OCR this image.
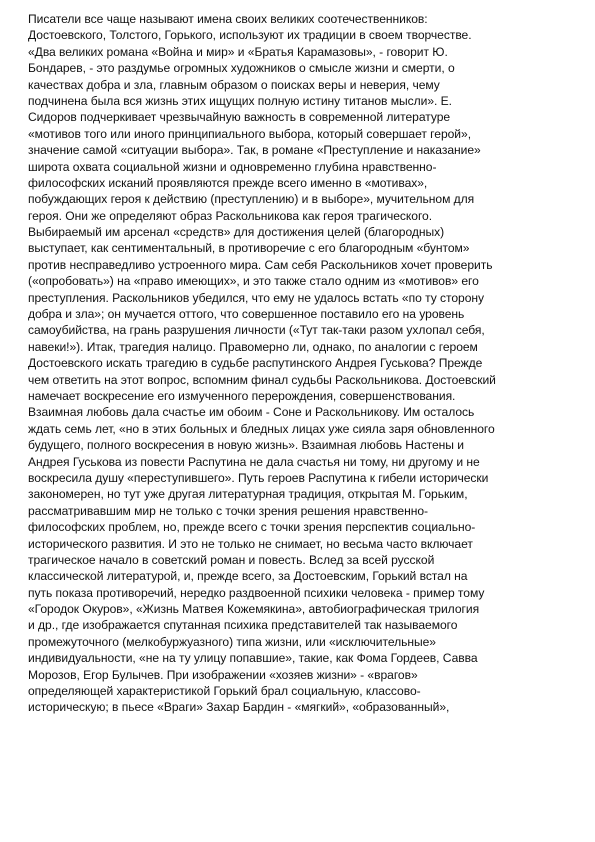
Писатели все чаще называют имена своих великих соотечественников:
Достоевского, Толстого, Горького, используют их традиции в своем творчестве.
«Два великих романа «Война и мир» и «Братья Карамазовы», - говорит Ю.
Бондарев, - это раздумье огромных художников о смысле жизни и смерти, о
качествах добра и зла, главным образом о поисках веры и неверия, чему
подчинена была вся жизнь этих ищущих полную истину титанов мысли». Е.
Сидоров подчеркивает чрезвычайную важность в современной литературе
«мотивов того или иного принципиального выбора, который совершает герой»,
значение самой «ситуации выбора». Так, в романе «Преступление и наказание»
широта охвата социальной жизни и одновременно глубина нравственно-
философских исканий проявляются прежде всего именно в «мотивах»,
побуждающих героя к действию (преступлению) и в выборе», мучительном для
героя. Они же определяют образ Раскольникова как героя трагического.
Выбираемый им арсенал «средств» для достижения целей (благородных)
выступает, как сентиментальный, в противоречие с его благородным «бунтом»
против несправедливо устроенного мира. Сам себя Раскольников хочет проверить
(«опробовать») на «право имеющих», и это также стало одним из «мотивов» его
преступления. Раскольников убедился, что ему не удалось встать «по ту сторону
добра и зла»; он мучается оттого, что совершенное поставило его на уровень
самоубийства, на грань разрушения личности («Тут так-таки разом ухлопал себя,
навеки!»). Итак, трагедия налицо. Правомерно ли, однако, по аналогии с героем
Достоевского искать трагедию в судьбе распутинского Андрея Гуськова? Прежде
чем ответить на этот вопрос, вспомним финал судьбы Раскольникова. Достоевский
намечает воскресение его измученного перерождения, совершенствования.
Взаимная любовь дала счастье им обоим - Соне и Раскольникову. Им осталось
ждать семь лет, «но в этих больных и бледных лицах уже сияла заря обновленного
будущего, полного воскресения в новую жизнь». Взаимная любовь Настены и
Андрея Гуськова из повести Распутина не дала счастья ни тому, ни другому и не
воскресила душу «переступившего». Путь героев Распутина к гибели исторически
закономерен, но тут уже другая литературная традиция, открытая М. Горьким,
рассматривавшим мир не только с точки зрения решения нравственно-
философских проблем, но, прежде всего с точки зрения перспектив социально-
исторического развития. И это не только не снимает, но весьма часто включает
трагическое начало в советский роман и повесть. Вслед за всей русской
классической литературой, и, прежде всего, за Достоевским, Горький встал на
путь показа противоречий, нередко раздвоенной психики человека - пример тому
«Городок Окуров», «Жизнь Матвея Кожемякина», автобиографическая трилогия
и др., где изображается спутанная психика представителей так называемого
промежуточного (мелкобуржуазного) типа жизни, или «исключительные»
индивидуальности, «не на ту улицу попавшие», такие, как Фома Гордеев, Савва
Морозов, Егор Булычев. При изображении «хозяев жизни» - «врагов»
определяющей характеристикой Горький брал социальную, классово-
историческую; в пьесе «Враги» Захар Бардин - «мягкий», «образованный»,
